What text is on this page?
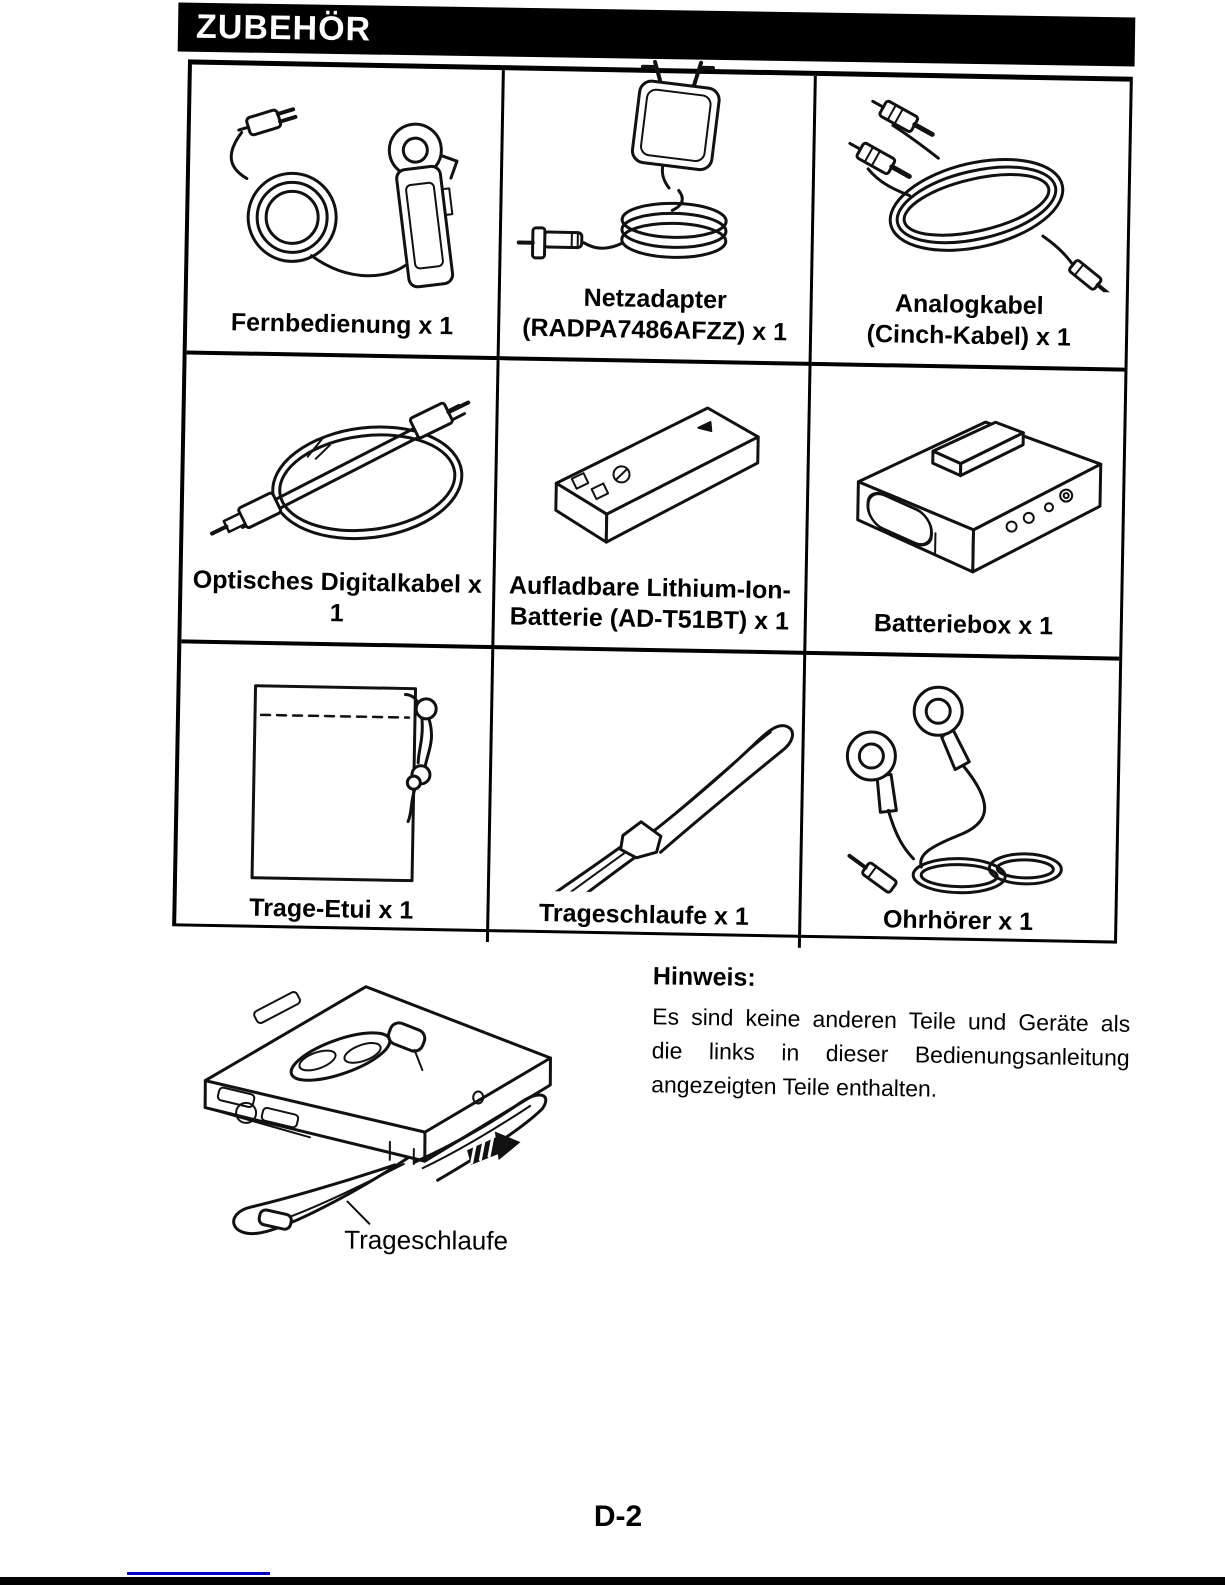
ZUBEHÖR
Fernbedienung x 1
Netzadapter
(RADPA7486AFZZ) x 1
Analogkabel
(Cinch-Kabel) x 1
Optisches Digitalkabel x 1
Aufladbare Lithium-Ion-
Batterie (AD-T51BT) x 1	Batteriebox x 1
Trage-Etui x 1	Trageschlaufe x 1	Ohrhörer x 1
Trageschlaufe
Hinweis:
Es sind keine anderen Teile und Geräte als
die links in dieser Bedienungsanleitung
angezeigten Teile enthalten.
D-2
